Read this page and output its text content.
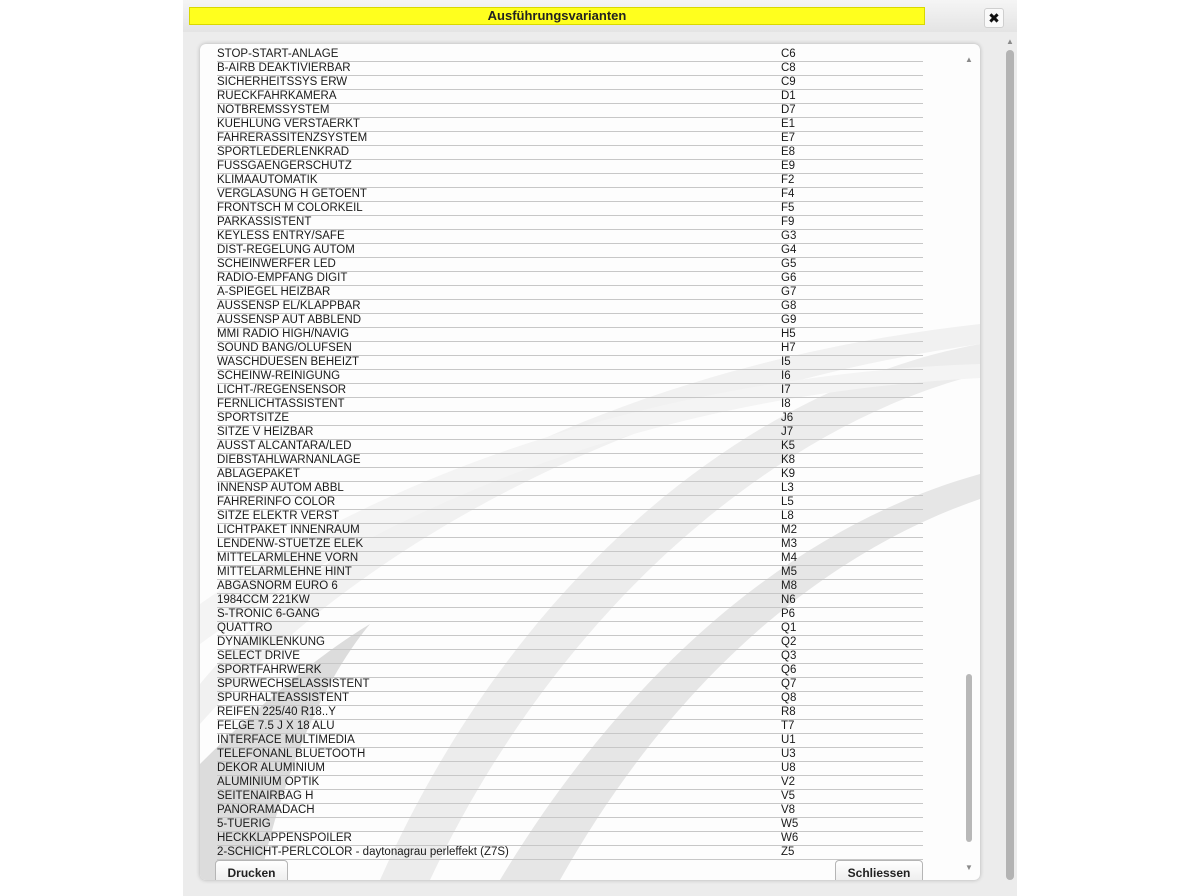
Ausführungsvarianten	✖
STOP-START-ANLAGE	C6
B-AIRB DEAKTIVIERBAR	C8
SICHERHEITSSYS ERW	C9
RUECKFAHRKAMERA	D1
NOTBREMSSYSTEM	D7
KUEHLUNG VERSTAERKT	E1
FAHRERASSITENZSYSTEM	E7
SPORTLEDERLENKRAD	E8
FUSSGAENGERSCHUTZ	E9
KLIMAAUTOMATIK	F2
VERGLASUNG H GETOENT	F4
FRONTSCH M COLORKEIL	F5
PARKASSISTENT	F9
KEYLESS ENTRY/SAFE	G3
DIST-REGELUNG AUTOM	G4
SCHEINWERFER LED	G5
RADIO-EMPFANG DIGIT	G6
A-SPIEGEL HEIZBAR	G7
AUSSENSP EL/KLAPPBAR	G8
AUSSENSP AUT ABBLEND	G9
MMI RADIO HIGH/NAVIG	H5
SOUND BANG/OLUFSEN	H7
WASCHDUESEN BEHEIZT	I5
SCHEINW-REINIGUNG	I6
LICHT-/REGENSENSOR	I7
FERNLICHTASSISTENT	I8
SPORTSITZE	J6
SITZE V HEIZBAR	J7
AUSST ALCANTARA/LED	K5
DIEBSTAHLWARNANLAGE	K8
ABLAGEPAKET	K9
INNENSP AUTOM ABBL	L3
FAHRERINFO COLOR	L5
SITZE ELEKTR VERST	L8
LICHTPAKET INNENRAUM	M2
LENDENW-STUETZE ELEK	M3
MITTELARMLEHNE VORN	M4
MITTELARMLEHNE HINT	M5
ABGASNORM EURO 6	M8
1984CCM 221KW	N6
S-TRONIC 6-GANG	P6
QUATTRO	Q1
DYNAMIKLENKUNG	Q2
SELECT DRIVE	Q3
SPORTFAHRWERK	Q6
SPURWECHSELASSISTENT	Q7
SPURHALTEASSISTENT	Q8
REIFEN 225/40 R18..Y	R8
FELGE 7.5 J X 18 ALU	T7
INTERFACE MULTIMEDIA	U1
TELEFONANL BLUETOOTH	U3
DEKOR ALUMINIUM	U8
ALUMINIUM OPTIK	V2
SEITENAIRBAG H	V5
PANORAMADACH	V8
5-TUERIG	W5
HECKKLAPPENSPOILER	W6
2-SCHICHT-PERLCOLOR - daytonagrau perleffekt (Z7S)	Z5
Drucken	Schliessen
▲
▼
▲
